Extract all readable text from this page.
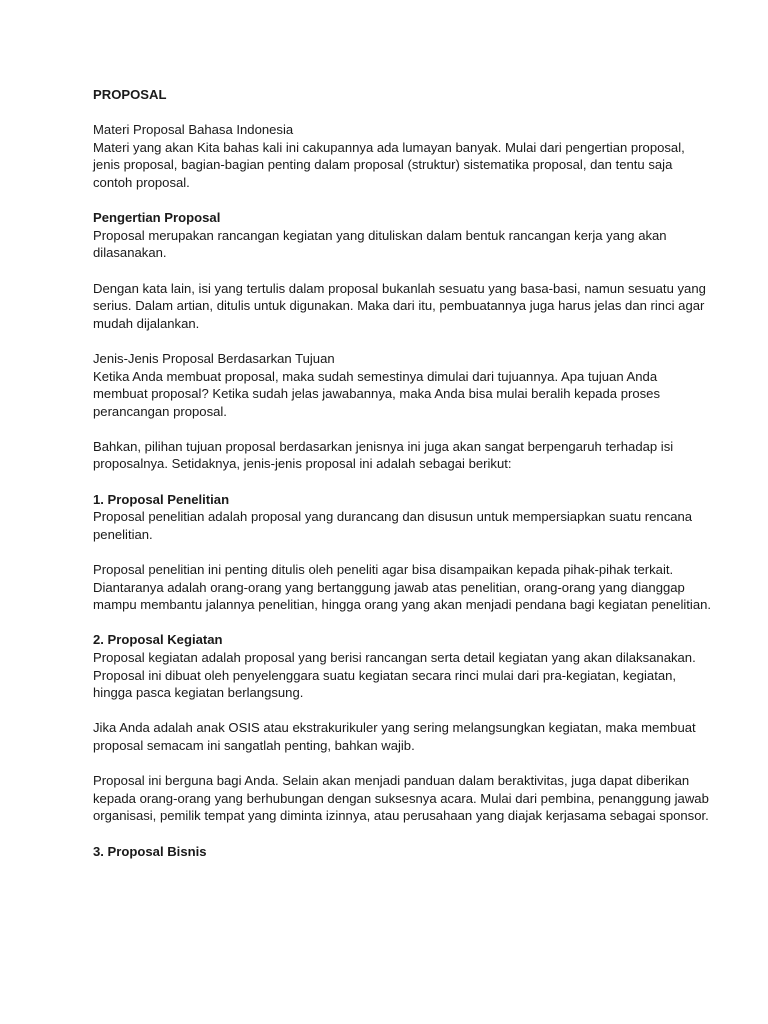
PROPOSAL
Materi Proposal Bahasa Indonesia

Materi yang akan Kita bahas kali ini cakupannya ada lumayan banyak. Mulai dari pengertian proposal, jenis proposal, bagian-bagian penting dalam proposal (struktur) sistematika proposal, dan tentu saja contoh proposal.

Pengertian Proposal

Proposal merupakan rancangan kegiatan yang dituliskan dalam bentuk rancangan kerja yang akan dilasanakan.

Dengan kata lain, isi yang tertulis dalam proposal bukanlah sesuatu yang basa-basi, namun sesuatu yang serius. Dalam artian, ditulis untuk digunakan. Maka dari itu, pembuatannya juga harus jelas dan rinci agar mudah dijalankan.

Jenis-Jenis Proposal Berdasarkan Tujuan

Ketika Anda membuat proposal, maka sudah semestinya dimulai dari tujuannya. Apa tujuan Anda membuat proposal? Ketika sudah jelas jawabannya, maka Anda bisa mulai beralih kepada proses perancangan proposal.

Bahkan, pilihan tujuan proposal berdasarkan jenisnya ini juga akan sangat berpengaruh terhadap isi proposalnya. Setidaknya, jenis-jenis proposal ini adalah sebagai berikut:

1. Proposal Penelitian

Proposal penelitian adalah proposal yang durancang dan disusun untuk mempersiapkan suatu rencana penelitian.

Proposal penelitian ini penting ditulis oleh peneliti agar bisa disampaikan kepada pihak-pihak terkait. Diantaranya adalah orang-orang yang bertanggung jawab atas penelitian, orang-orang yang dianggap mampu membantu jalannya penelitian, hingga orang yang akan menjadi pendana bagi kegiatan penelitian.

2. Proposal Kegiatan

Proposal kegiatan adalah proposal yang berisi rancangan serta detail kegiatan yang akan dilaksanakan. Proposal ini dibuat oleh penyelenggara suatu kegiatan secara rinci mulai dari pra-kegiatan, kegiatan, hingga pasca kegiatan berlangsung.

Jika Anda adalah anak OSIS atau ekstrakurikuler yang sering melangsungkan kegiatan, maka membuat proposal semacam ini sangatlah penting, bahkan wajib.

Proposal ini berguna bagi Anda. Selain akan menjadi panduan dalam beraktivitas, juga dapat diberikan kepada orang-orang yang berhubungan dengan suksesnya acara. Mulai dari pembina, penanggung jawab organisasi, pemilik tempat yang diminta izinnya, atau perusahaan yang diajak kerjasama sebagai sponsor.

3. Proposal Bisnis
